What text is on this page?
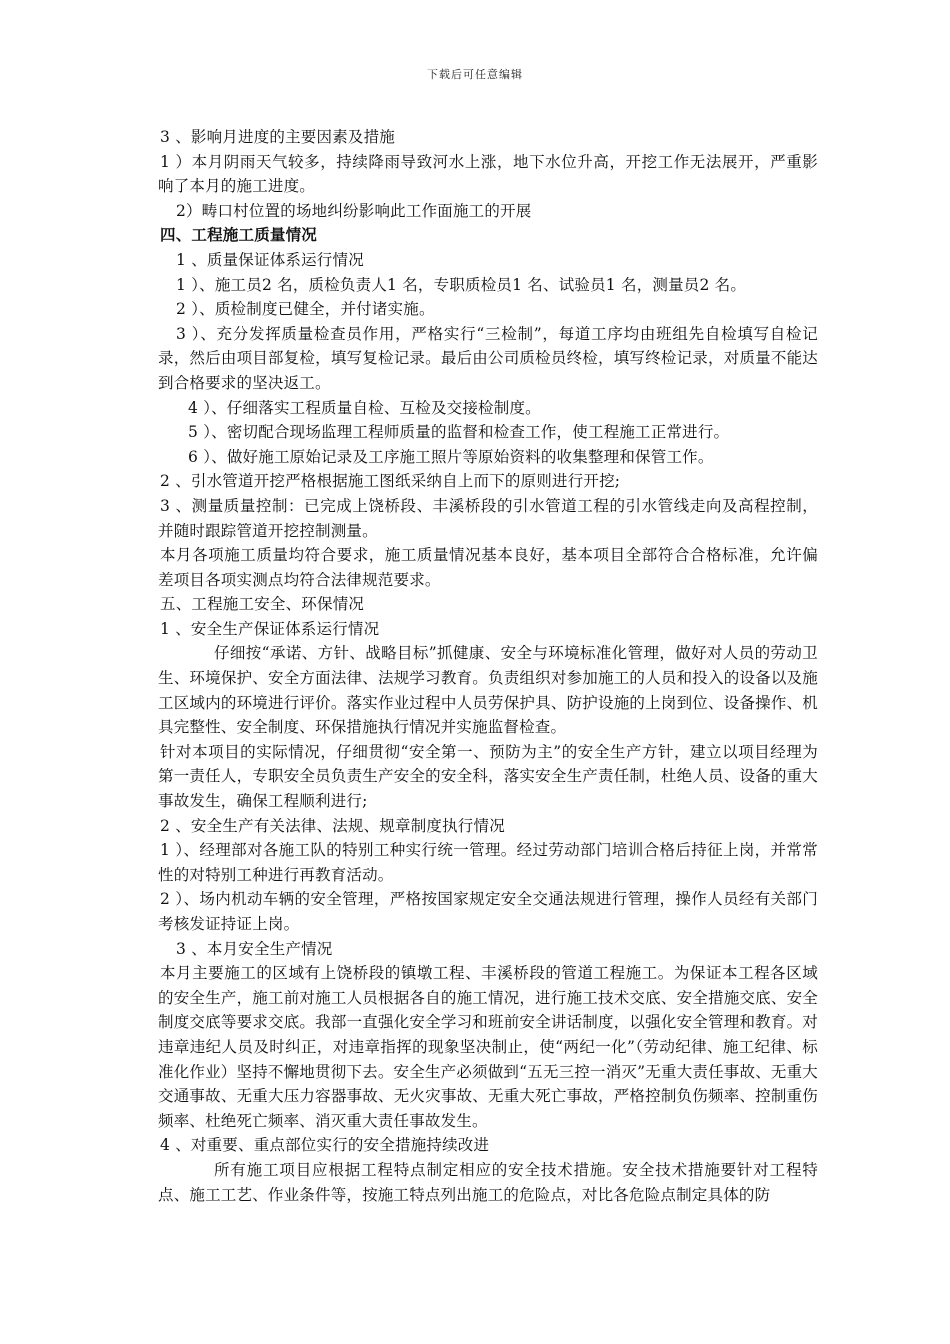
下载后可任意编辑

3 、影响月进度的主要因素及措施

1 ）本月阴雨天气较多，持续降雨导致河水上涨，地下水位升高，开挖工作无法展开，严重影响了本月的施工进度。

2）畴口村位置的场地纠纷影响此工作面施工的开展

四、工程施工质量情况

1 、质量保证体系运行情况

1 ）、施工员2 名，质检负责人1 名，专职质检员1 名、试验员1 名，测量员2 名。

2 ）、质检制度已健全，并付诸实施。

3 ）、充分发挥质量检查员作用，严格实行“三检制”，每道工序均由班组先自检填写自检记录，然后由项目部复检，填写复检记录。最后由公司质检员终检，填写终检记录，对质量不能达到合格要求的坚决返工。

4 ）、仔细落实工程质量自检、互检及交接检制度。

5 ）、密切配合现场监理工程师质量的监督和检查工作，使工程施工正常进行。

6 ）、做好施工原始记录及工序施工照片等原始资料的收集整理和保管工作。

2 、引水管道开挖严格根据施工图纸采纳自上而下的原则进行开挖;

3 、测量质量控制：已完成上饶桥段、丰溪桥段的引水管道工程的引水管线走向及高程控制，并随时跟踪管道开挖控制测量。

本月各项施工质量均符合要求，施工质量情况基本良好，基本项目全部符合合格标准，允许偏差项目各项实测点均符合法律规范要求。

五、工程施工安全、环保情况

1 、安全生产保证体系运行情况

仔细按“承诺、方针、战略目标”抓健康、安全与环境标准化管理，做好对人员的劳动卫生、环境保护、安全方面法律、法规学习教育。负责组织对参加施工的人员和投入的设备以及施工区域内的环境进行评价。落实作业过程中人员劳保护具、防护设施的上岗到位、设备操作、机具完整性、安全制度、环保措施执行情况并实施监督检查。

针对本项目的实际情况，仔细贯彻“安全第一、预防为主”的安全生产方针，建立以项目经理为第一责任人，专职安全员负责生产安全的安全科，落实安全生产责任制，杜绝人员、设备的重大事故发生，确保工程顺利进行;

2 、安全生产有关法律、法规、规章制度执行情况

1 ）、经理部对各施工队的特别工种实行统一管理。经过劳动部门培训合格后持征上岗，并常常性的对特别工种进行再教育活动。

2 ）、场内机动车辆的安全管理，严格按国家规定安全交通法规进行管理，操作人员经有关部门考核发证持证上岗。

3 、本月安全生产情况

本月主要施工的区域有上饶桥段的镇墩工程、丰溪桥段的管道工程施工。为保证本工程各区域的安全生产，施工前对施工人员根据各自的施工情况，进行施工技术交底、安全措施交底、安全制度交底等要求交底。我部一直强化安全学习和班前安全讲话制度，以强化安全管理和教育。对违章违纪人员及时纠正，对违章指挥的现象坚决制止，使“两纪一化”（劳动纪律、施工纪律、标准化作业）坚持不懈地贯彻下去。安全生产必须做到“五无三控一消灭”无重大责任事故、无重大交通事故、无重大压力容器事故、无火灾事故、无重大死亡事故，严格控制负伤频率、控制重伤频率、杜绝死亡频率、消灭重大责任事故发生。

4 、对重要、重点部位实行的安全措施持续改进

所有施工项目应根据工程特点制定相应的安全技术措施。安全技术措施要针对工程特点、施工工艺、作业条件等，按施工特点列出施工的危险点，对比各危险点制定具体的防
